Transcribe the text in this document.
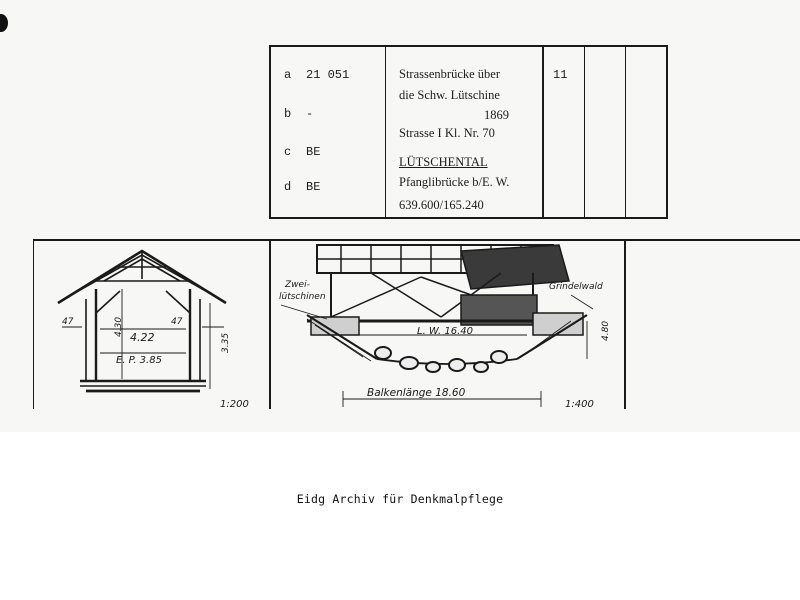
a 21 051
b -
c BE
d BE
Strassenbrücke über
die Schw. Lütschine
1869
Strasse I Kl. Nr. 70
LÜTSCHENTAL
Pfanglibrücke b/E. W.
639.600/165.240
11
47	47
4.30
4.22
E. P. 3.85
3.35
1:200
Zwei-
lütschinen
Grindelwald
L. W. 16.40
Balkenlänge 18.60
4.80
1:400
Eidg Archiv für Denkmalpflege
